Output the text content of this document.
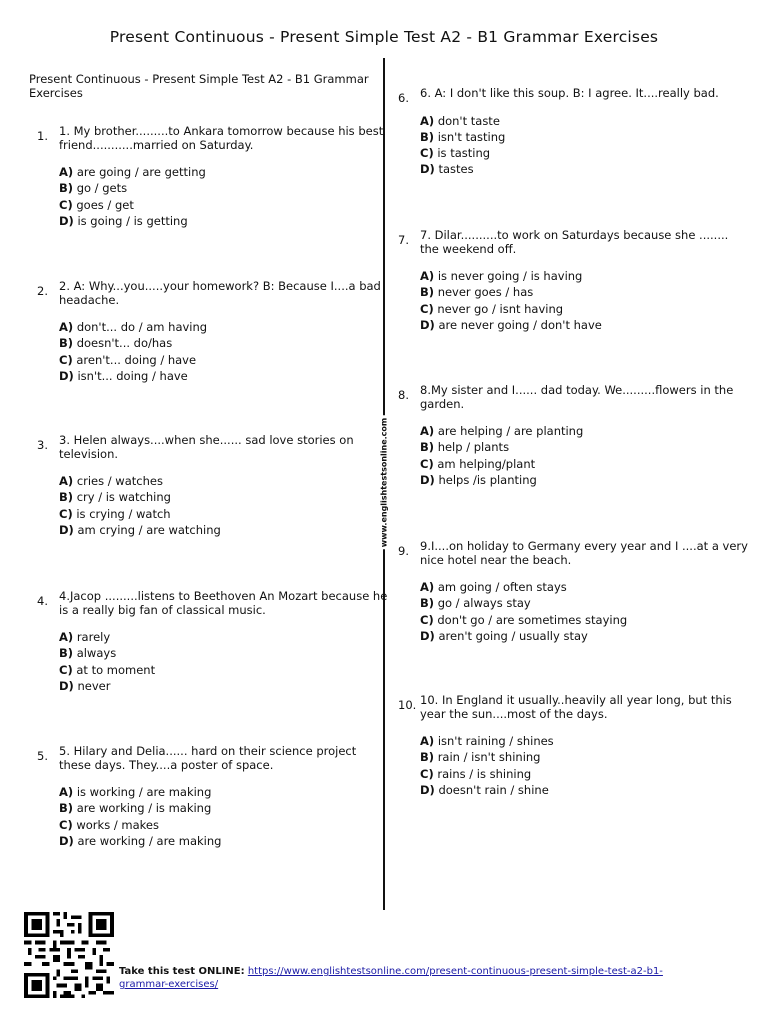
Present Continuous - Present Simple Test A2 - B1 Grammar Exercises
www.englishtestsonline.com
Present Continuous - Present Simple Test A2 - B1 Grammar Exercises
1. 1. My brother.........to Ankara tomorrow because his best friend...........married on Saturday.
A) are going / are getting
B) go / gets
C) goes / get
D) is going / is getting
2. 2. A: Why...you.....your homework? B: Because I....a bad headache.
A) don't... do / am having
B) doesn't... do/has
C) aren't... doing / have
D) isn't... doing / have
3. 3. Helen always....when she...... sad love stories on television.
A) cries / watches
B) cry / is watching
C) is crying / watch
D) am crying / are watching
4. 4.Jacop .........listens to Beethoven An Mozart because he is a really big fan of classical music.
A) rarely
B) always
C) at to moment
D) never
5. 5. Hilary and Delia...... hard on their science project these days. They....a poster of space.
A) is working / are making
B) are working / is making
C) works / makes
D) are working / are making
6. 6. A: I don't like this soup. B: I agree. It....really bad.
A) don't taste
B) isn't tasting
C) is tasting
D) tastes
7. 7. Dilar..........to work on Saturdays because she ........ the weekend off.
A) is never going / is having
B) never goes / has
C) never go / isnt having
D) are never going / don't have
8. 8.My sister and I...... dad today. We.........flowers in the garden.
A) are helping / are planting
B) help / plants
C) am helping/plant
D) helps /is planting
9. 9.I....on holiday to Germany every year and I ....at a very nice hotel near the beach.
A) am going / often stays
B) go / always stay
C) don't go / are sometimes staying
D) aren't going / usually stay
10. 10. In England it usually..heavily all year long, but this year the sun....most of the days.
A) isn't raining / shines
B) rain / isn't shining
C) rains / is shining
D) doesn't rain / shine
Take this test ONLINE: https://www.englishtestsonline.com/present-continuous-present-simple-test-a2-b1-grammar-exercises/
